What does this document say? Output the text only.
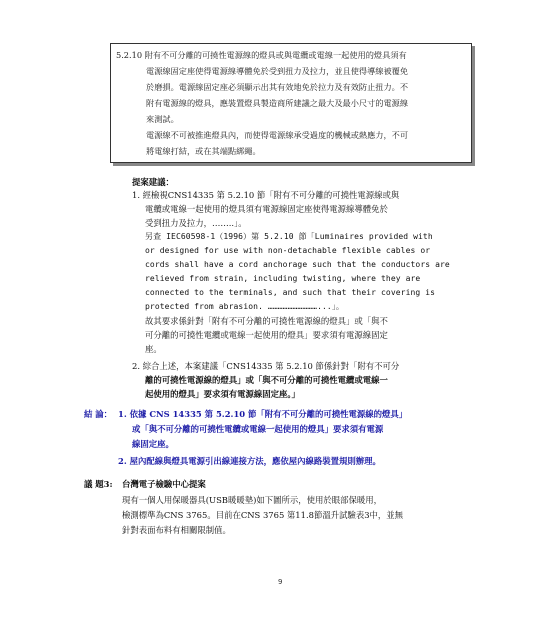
5.2.10 附有不可分離的可撓性電源線的燈具或與電纜或電線一起使用的燈具須有
電源線固定座使得電源線導體免於受到扭力及拉力，並且使得導線被覆免
於磨損。電源線固定座必須顯示出其有效地免於拉力及有效防止扭力。不
附有電源線的燈具，應裝置燈具製造商所建議之最大及最小尺寸的電源線
來測試。
電源線不可被推進燈具內，而使得電源線承受過度的機械或熱應力，不可
將電線打結，或在其端點綁繩。
提案建議：
1. 經檢視CNS14335 第 5.2.10 節「附有不可分離的可撓性電源線或與
電纜或電線一起使用的燈具須有電源線固定座使得電源線導體免於
受到扭力及拉力，……..」。
另查 IEC60598-1（1996）第 5.2.10 節「Luminaires provided with
or designed for use with non-detachable flexible cables or
cords shall have a cord anchorage such that the conductors are
relieved from strain, including twisting, where they are
connected to the terminals, and such that their covering is
protected from abrasion. …………………………...」。
故其要求係針對「附有不可分離的可撓性電源線的燈具」或「與不
可分離的可撓性電纜或電線一起使用的燈具」要求須有電源線固定
座。
2. 綜合上述，本案建議「CNS14335 第 5.2.10 節係針對「附有不可分
離的可撓性電源線的燈具」或「與不可分離的可撓性電纜或電線一
起使用的燈具」要求須有電源線固定座。」
結 論： 1. 依據 CNS 14335 第 5.2.10 節「附有不可分離的可撓性電源線的燈具」
或「與不可分離的可撓性電纜或電線一起使用的燈具」要求須有電源
線固定座。
2. 屋內配線與燈具電源引出線連接方法，應依屋內線路裝置規則辦理。
議 題3: 台灣電子檢驗中心提案
現有一個人用保暖器具(USB暖暖墊)如下圖所示，使用於眼部保暖用，
檢測標準為CNS 3765。目前在CNS 3765 第11.8節溫升試驗表3中，並無
針對表面布料有相關限制值。
9
